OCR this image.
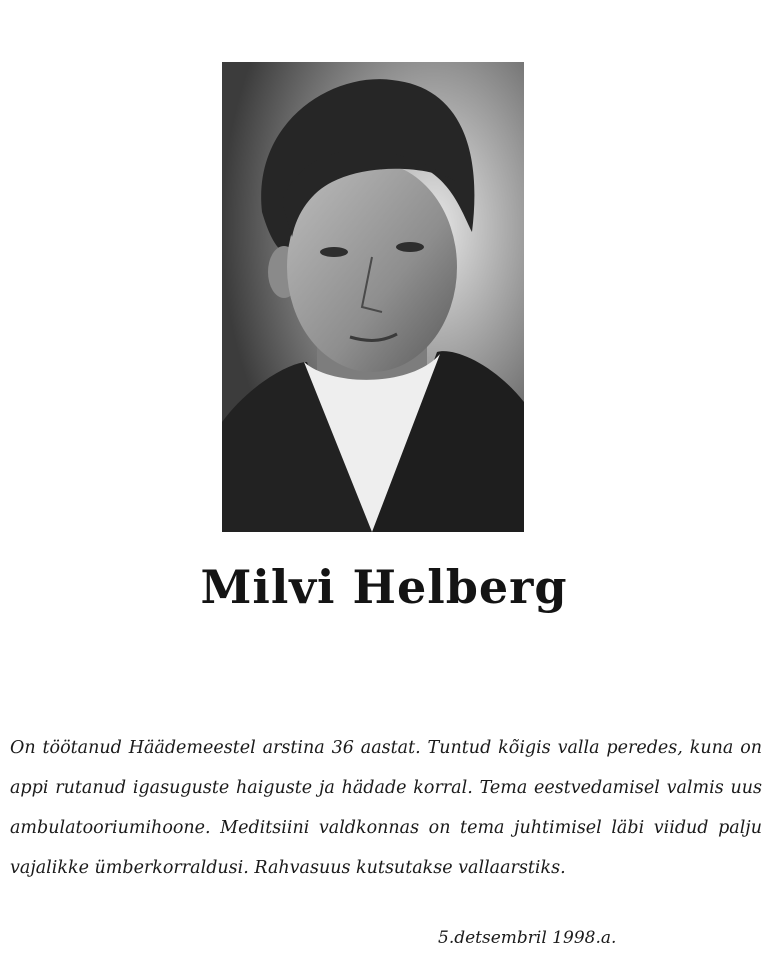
Milvi Helberg

On töötanud Häädemeestel arstina 36 aastat. Tuntud kõigis valla peredes, kuna on appi rutanud igasuguste haiguste ja hädade korral. Tema eestvedamisel valmis uus ambulatooriumihoone. Meditsiini valdkonnas on tema juhtimisel läbi viidud palju vajalikke ümberkorraldusi. Rahvasuus kutsutakse vallaarstiks.

5.detsembril 1998.a.
